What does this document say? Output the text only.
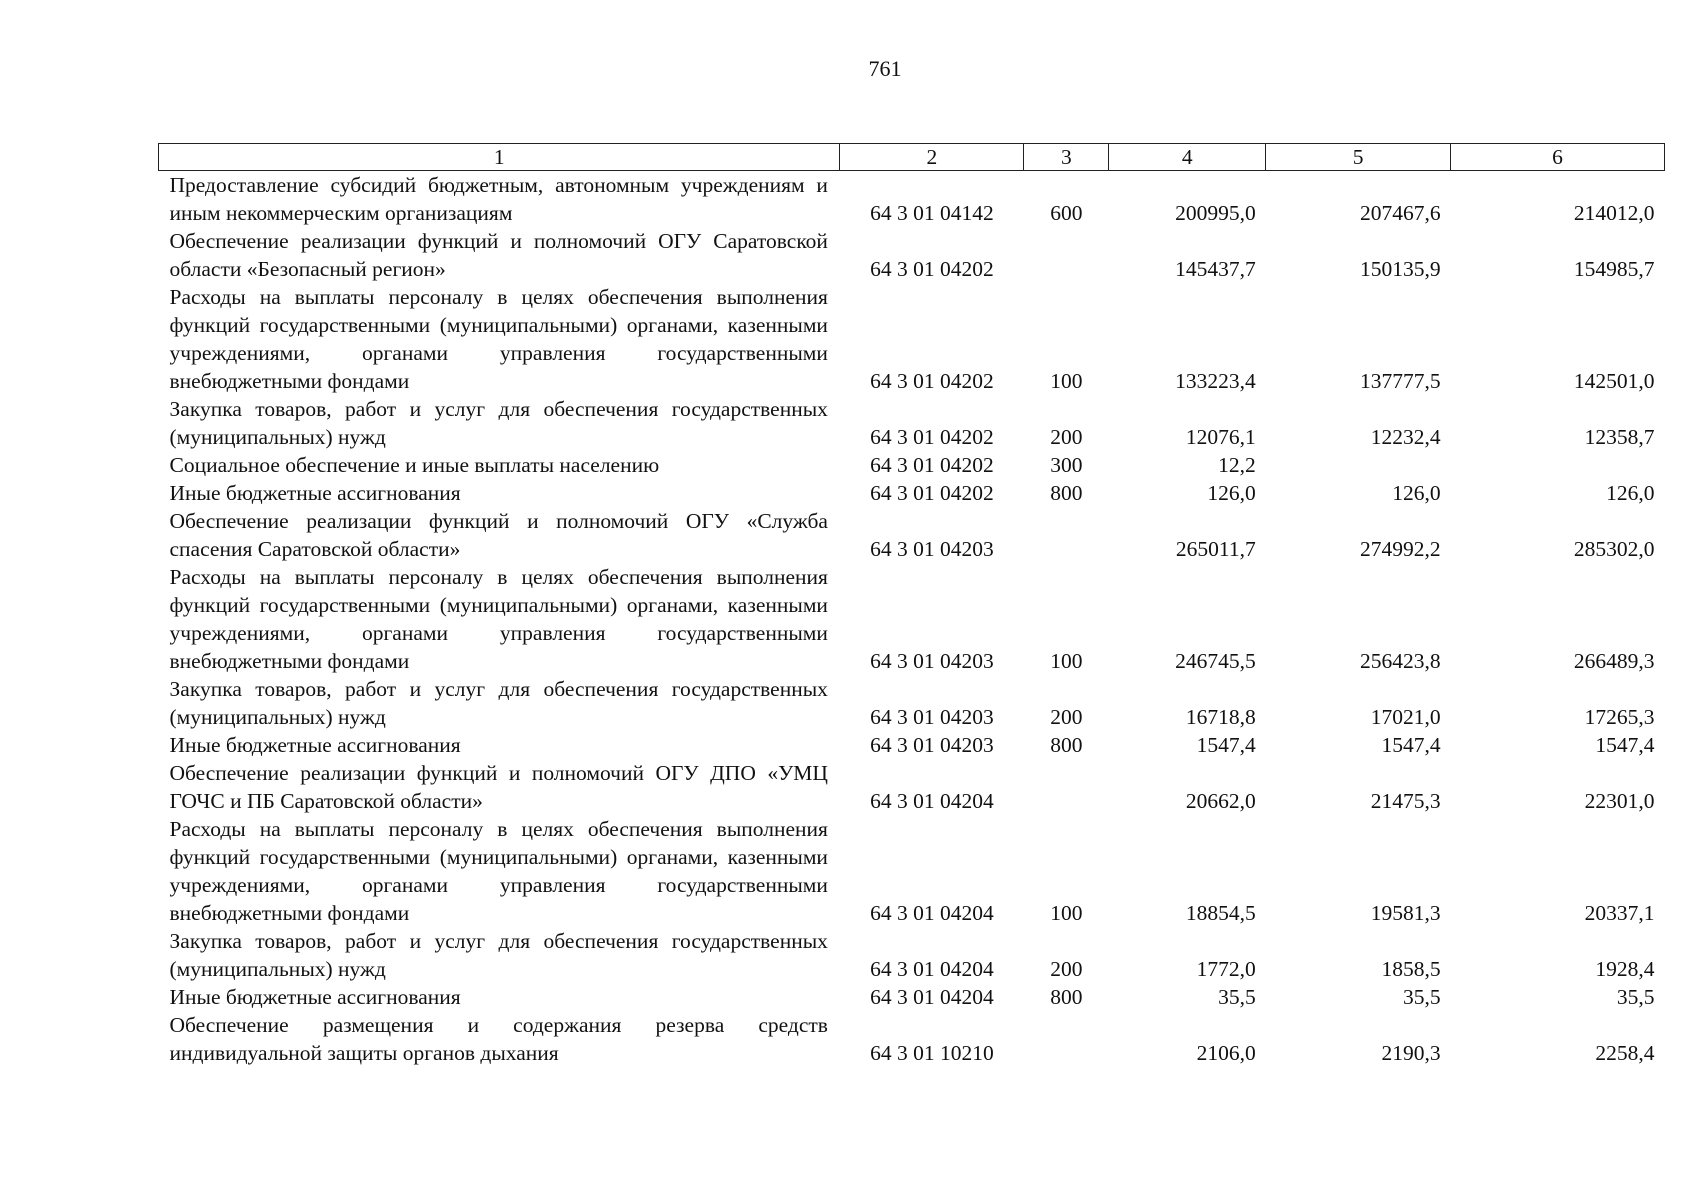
761
1	2	3	4	5	6
Предоставление субсидий бюджетным, автономным учреждениям и иным некоммерческим организациям	64 3 01 04142	600	200995,0	207467,6	214012,0
Обеспечение реализации функций и полномочий ОГУ Саратовской области «Безопасный регион»	64 3 01 04202		145437,7	150135,9	154985,7
Расходы на выплаты персоналу в целях обеспечения выполнения функций государственными (муниципальными) органами, казенными учреждениями, органами управления государственными внебюджетными фондами	64 3 01 04202	100	133223,4	137777,5	142501,0
Закупка товаров, работ и услуг для обеспечения государственных (муниципальных) нужд	64 3 01 04202	200	12076,1	12232,4	12358,7
Социальное обеспечение и иные выплаты населению	64 3 01 04202	300	12,2		
Иные бюджетные ассигнования	64 3 01 04202	800	126,0	126,0	126,0
Обеспечение реализации функций и полномочий ОГУ «Служба спасения Саратовской области»	64 3 01 04203		265011,7	274992,2	285302,0
Расходы на выплаты персоналу в целях обеспечения выполнения функций государственными (муниципальными) органами, казенными учреждениями, органами управления государственными внебюджетными фондами	64 3 01 04203	100	246745,5	256423,8	266489,3
Закупка товаров, работ и услуг для обеспечения государственных (муниципальных) нужд	64 3 01 04203	200	16718,8	17021,0	17265,3
Иные бюджетные ассигнования	64 3 01 04203	800	1547,4	1547,4	1547,4
Обеспечение реализации функций и полномочий ОГУ ДПО «УМЦ ГОЧС и ПБ Саратовской области»	64 3 01 04204		20662,0	21475,3	22301,0
Расходы на выплаты персоналу в целях обеспечения выполнения функций государственными (муниципальными) органами, казенными учреждениями, органами управления государственными внебюджетными фондами	64 3 01 04204	100	18854,5	19581,3	20337,1
Закупка товаров, работ и услуг для обеспечения государственных (муниципальных) нужд	64 3 01 04204	200	1772,0	1858,5	1928,4
Иные бюджетные ассигнования	64 3 01 04204	800	35,5	35,5	35,5
Обеспечение размещения и содержания резерва средств индивидуальной защиты органов дыхания	64 3 01 10210		2106,0	2190,3	2258,4
